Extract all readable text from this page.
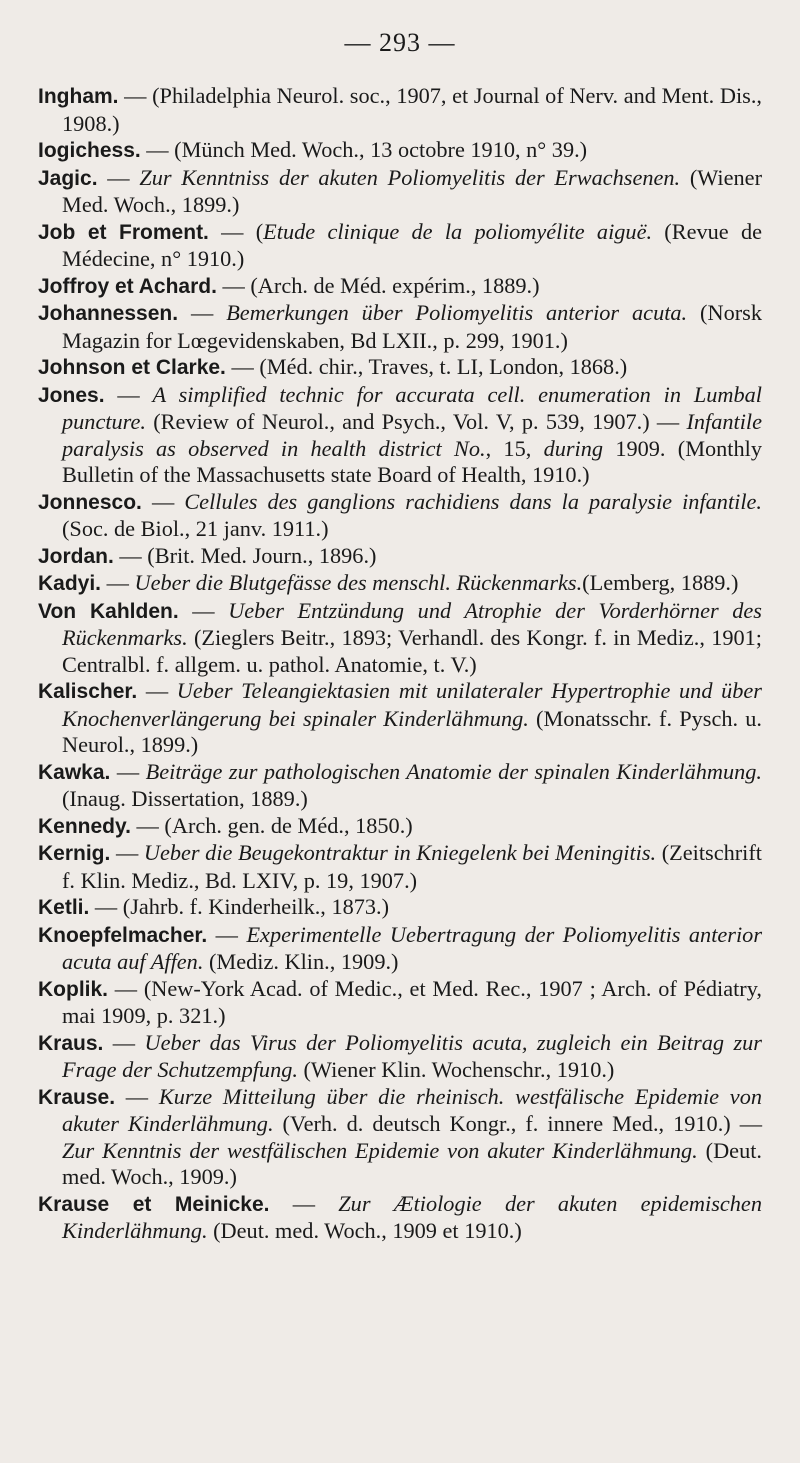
— 293 —

Ingham. — (Philadelphia Neurol. soc., 1907, et Journal of Nerv. and Ment. Dis., 1908.)

Iogichess. — (Münch Med. Woch., 13 octobre 1910, n° 39.)

Jagic. — Zur Kenntniss der akuten Poliomyelitis der Erwachsenen. (Wiener Med. Woch., 1899.)

Job et Froment. — (Etude clinique de la poliomyélite aiguë. (Revue de Médecine, n° 1910.)

Joffroy et Achard. — (Arch. de Méd. expérim., 1889.)

Johannessen. — Bemerkungen über Poliomyelitis anterior acuta. (Norsk Magazin for Lœgevidenskaben, Bd LXII., p. 299, 1901.)

Johnson et Clarke. — (Méd. chir., Traves, t. LI, London, 1868.)

Jones. — A simplified technic for accurata cell. enumeration in Lumbal puncture. (Review of Neurol., and Psych., Vol. V, p. 539, 1907.) — Infantile paralysis as observed in health district No., 15, during 1909. (Monthly Bulletin of the Massachusetts state Board of Health, 1910.)

Jonnesco. — Cellules des ganglions rachidiens dans la paralysie infantile. (Soc. de Biol., 21 janv. 1911.)

Jordan. — (Brit. Med. Journ., 1896.)

Kadyi. — Ueber die Blutgefässe des menschl. Rückenmarks.(Lemberg, 1889.)

Von Kahlden. — Ueber Entzündung und Atrophie der Vorderhörner des Rückenmarks. (Zieglers Beitr., 1893; Verhandl. des Kongr. f. in Mediz., 1901; Centralbl. f. allgem. u. pathol. Anatomie, t. V.)

Kalischer. — Ueber Teleangiektasien mit unilateraler Hypertrophie und über Knochenverlängerung bei spinaler Kinderlähmung. (Monatsschr. f. Pysch. u. Neurol., 1899.)

Kawka. — Beiträge zur pathologischen Anatomie der spinalen Kinderlähmung. (Inaug. Dissertation, 1889.)

Kennedy. — (Arch. gen. de Méd., 1850.)

Kernig. — Ueber die Beugekontraktur in Kniegelenk bei Meningitis. (Zeitschrift f. Klin. Mediz., Bd. LXIV, p. 19, 1907.)

Ketli. — (Jahrb. f. Kinderheilk., 1873.)

Knoepfelmacher. — Experimentelle Uebertragung der Poliomyelitis anterior acuta auf Affen. (Mediz. Klin., 1909.)

Koplik. — (New-York Acad. of Medic., et Med. Rec., 1907 ; Arch. of Pédiatry, mai 1909, p. 321.)

Kraus. — Ueber das Virus der Poliomyelitis acuta, zugleich ein Beitrag zur Frage der Schutzempfung. (Wiener Klin. Wochenschr., 1910.)

Krause. — Kurze Mitteilung über die rheinisch. westfälische Epidemie von akuter Kinderlähmung. (Verh. d. deutsch Kongr., f. innere Med., 1910.) — Zur Kenntnis der westfälischen Epidemie von akuter Kinderlähmung. (Deut. med. Woch., 1909.)

Krause et Meinicke. — Zur Ætiologie der akuten epidemischen Kinderlähmung. (Deut. med. Woch., 1909 et 1910.)
